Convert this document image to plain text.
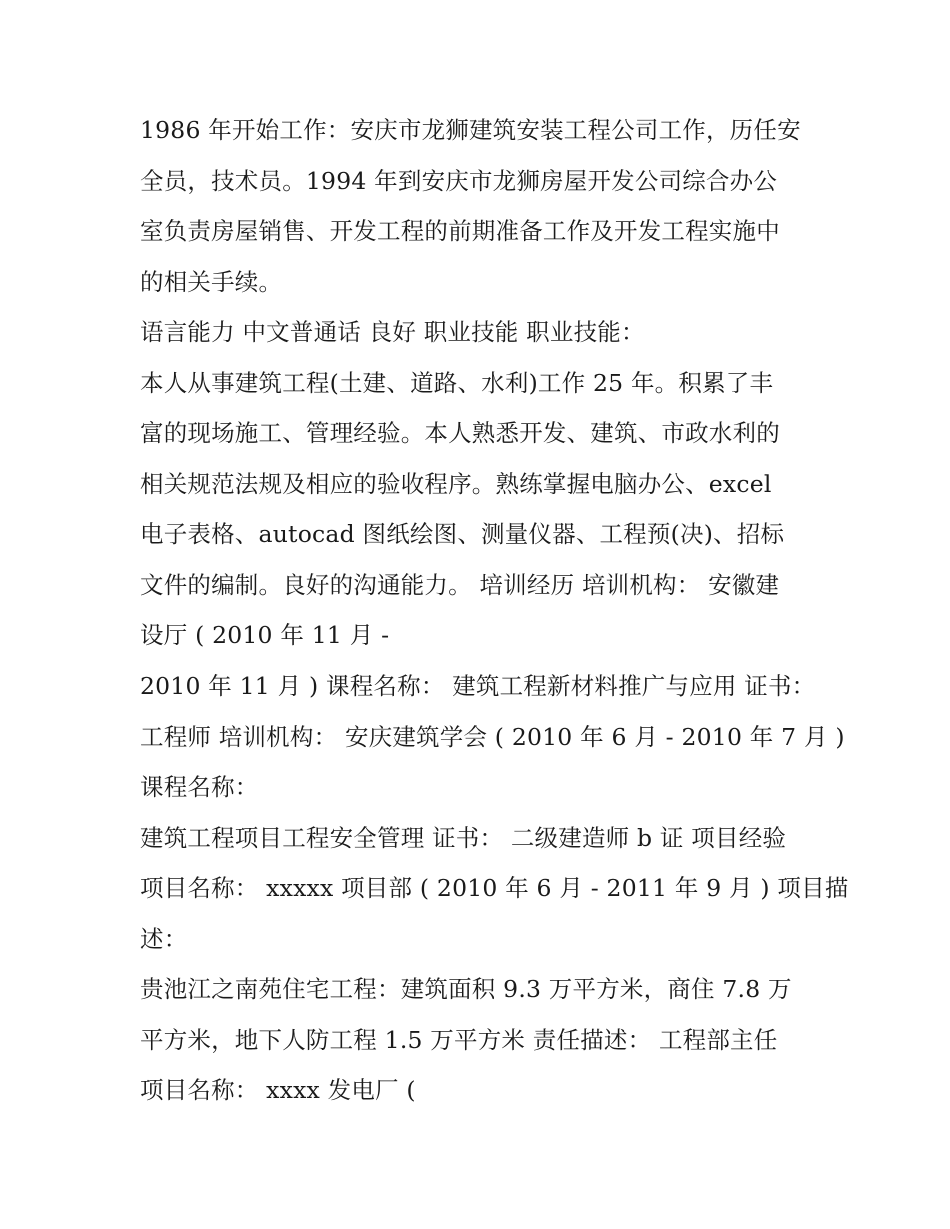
1986 年开始工作：安庆市龙狮建筑安装工程公司工作，历任安
全员，技术员。1994 年到安庆市龙狮房屋开发公司综合办公
室负责房屋销售、开发工程的前期准备工作及开发工程实施中
的相关手续。
语言能力 中文普通话 良好 职业技能 职业技能：
本人从事建筑工程(土建、道路、水利)工作 25 年。积累了丰
富的现场施工、管理经验。本人熟悉开发、建筑、市政水利的
相关规范法规及相应的验收程序。熟练掌握电脑办公、excel
电子表格、autocad 图纸绘图、测量仪器、工程预(决)、招标
文件的编制。良好的沟通能力。 培训经历 培训机构： 安徽建
设厅 ( 2010 年 11 月 -
2010 年 11 月 ) 课程名称： 建筑工程新材料推广与应用 证书：
工程师 培训机构： 安庆建筑学会 ( 2010 年 6 月 - 2010 年 7 月 )
课程名称：
建筑工程项目工程安全管理 证书： 二级建造师 b 证 项目经验
项目名称： xxxxx 项目部 ( 2010 年 6 月 - 2011 年 9 月 ) 项目描
述：
贵池江之南苑住宅工程：建筑面积 9.3 万平方米，商住 7.8 万
平方米，地下人防工程 1.5 万平方米 责任描述： 工程部主任
项目名称： xxxx 发电厂 (
